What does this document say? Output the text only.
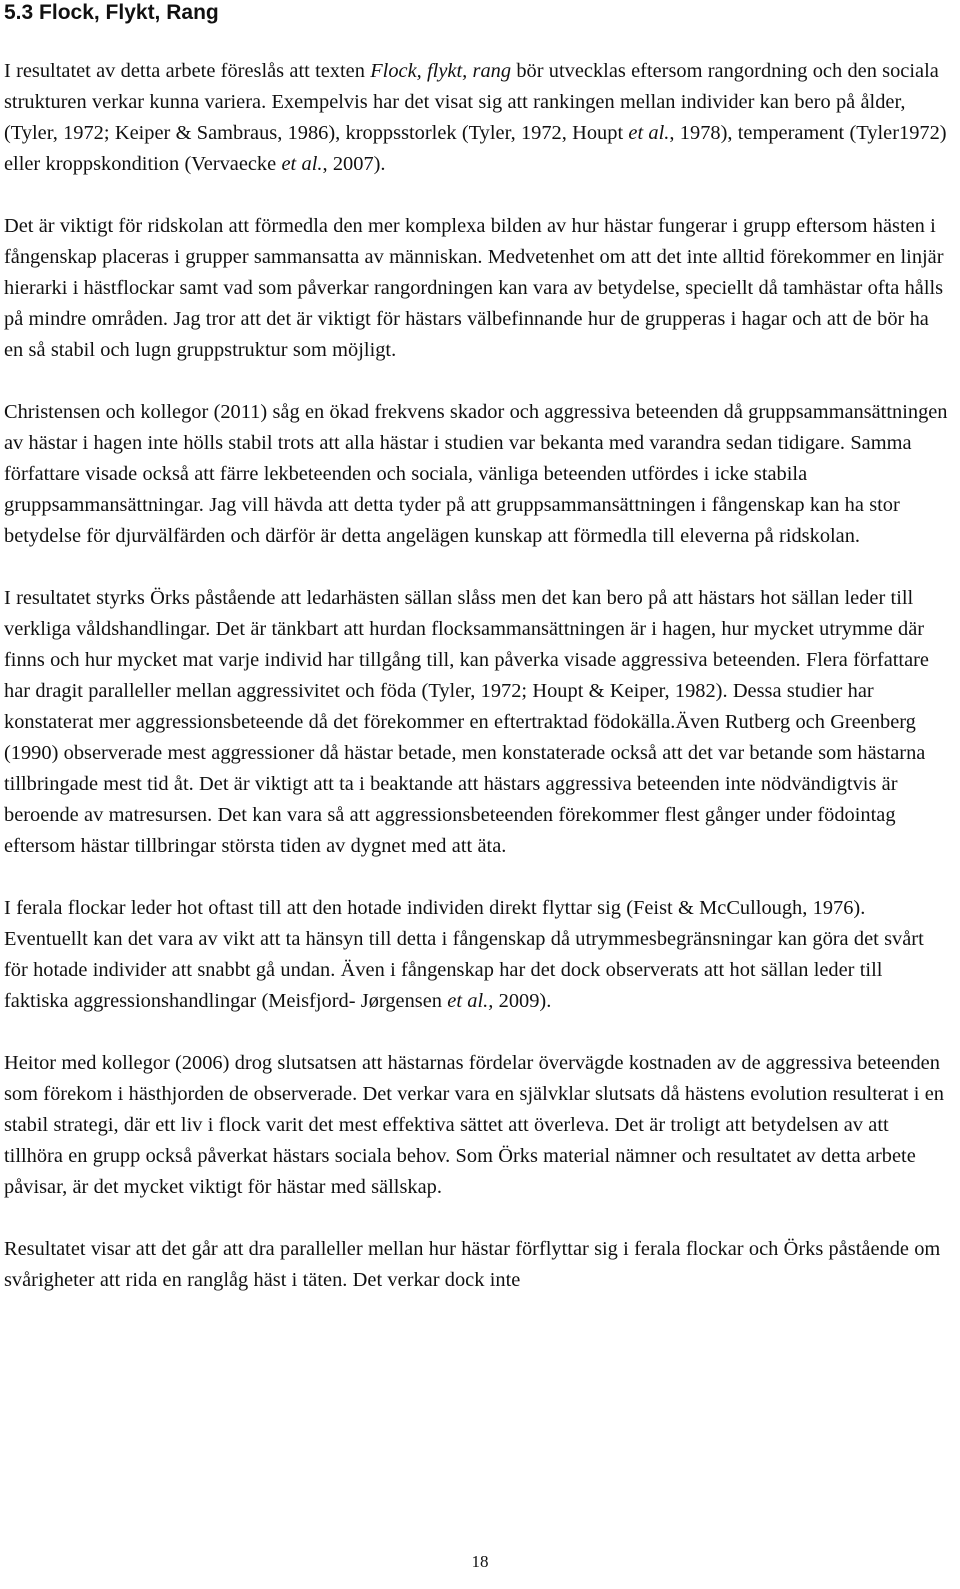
5.3 Flock, Flykt, Rang

I resultatet av detta arbete föreslås att texten Flock, flykt, rang bör utvecklas eftersom rangordning och den sociala strukturen verkar kunna variera. Exempelvis har det visat sig att rankingen mellan individer kan bero på ålder, (Tyler, 1972; Keiper & Sambraus, 1986), kroppsstorlek (Tyler, 1972, Houpt et al., 1978), temperament (Tyler1972) eller kroppskondition (Vervaecke et al., 2007).

Det är viktigt för ridskolan att förmedla den mer komplexa bilden av hur hästar fungerar i grupp eftersom hästen i fångenskap placeras i grupper sammansatta av människan. Medvetenhet om att det inte alltid förekommer en linjär hierarki i hästflockar samt vad som påverkar rangordningen kan vara av betydelse, speciellt då tamhästar ofta hålls på mindre områden. Jag tror att det är viktigt för hästars välbefinnande hur de grupperas i hagar och att de bör ha en så stabil och lugn gruppstruktur som möjligt.

Christensen och kollegor (2011) såg en ökad frekvens skador och aggressiva beteenden då gruppsammansättningen av hästar i hagen inte hölls stabil trots att alla hästar i studien var bekanta med varandra sedan tidigare. Samma författare visade också att färre lekbeteenden och sociala, vänliga beteenden utfördes i icke stabila gruppsammansättningar. Jag vill hävda att detta tyder på att gruppsammansättningen i fångenskap kan ha stor betydelse för djurvälfärden och därför är detta angelägen kunskap att förmedla till eleverna på ridskolan.

I resultatet styrks Örks påstående att ledarhästen sällan slåss men det kan bero på att hästars hot sällan leder till verkliga våldshandlingar. Det är tänkbart att hurdan flocksammansättningen är i hagen, hur mycket utrymme där finns och hur mycket mat varje individ har tillgång till, kan påverka visade aggressiva beteenden. Flera författare har dragit paralleller mellan aggressivitet och föda (Tyler, 1972; Houpt & Keiper, 1982). Dessa studier har konstaterat mer aggressionsbeteende då det förekommer en eftertraktad födokälla.Även Rutberg och Greenberg (1990) observerade mest aggressioner då hästar betade, men konstaterade också att det var betande som hästarna tillbringade mest tid åt. Det är viktigt att ta i beaktande att hästars aggressiva beteenden inte nödvändigtvis är beroende av matresursen. Det kan vara så att aggressionsbeteenden förekommer flest gånger under födointag eftersom hästar tillbringar största tiden av dygnet med att äta.

I ferala flockar leder hot oftast till att den hotade individen direkt flyttar sig (Feist & McCullough, 1976). Eventuellt kan det vara av vikt att ta hänsyn till detta i fångenskap då utrymmesbegränsningar kan göra det svårt för hotade individer att snabbt gå undan. Även i fångenskap har det dock observerats att hot sällan leder till faktiska aggressionshandlingar (Meisfjord- Jørgensen et al., 2009).

Heitor med kollegor (2006) drog slutsatsen att hästarnas fördelar övervägde kostnaden av de aggressiva beteenden som förekom i hästhjorden de observerade. Det verkar vara en självklar slutsats då hästens evolution resulterat i en stabil strategi, där ett liv i flock varit det mest effektiva sättet att överleva. Det är troligt att betydelsen av att tillhöra en grupp också påverkat hästars sociala behov. Som Örks material nämner och resultatet av detta arbete påvisar, är det mycket viktigt för hästar med sällskap.

Resultatet visar att det går att dra paralleller mellan hur hästar förflyttar sig i ferala flockar och Örks påstående om svårigheter att rida en ranglåg häst i täten. Det verkar dock inte

18
